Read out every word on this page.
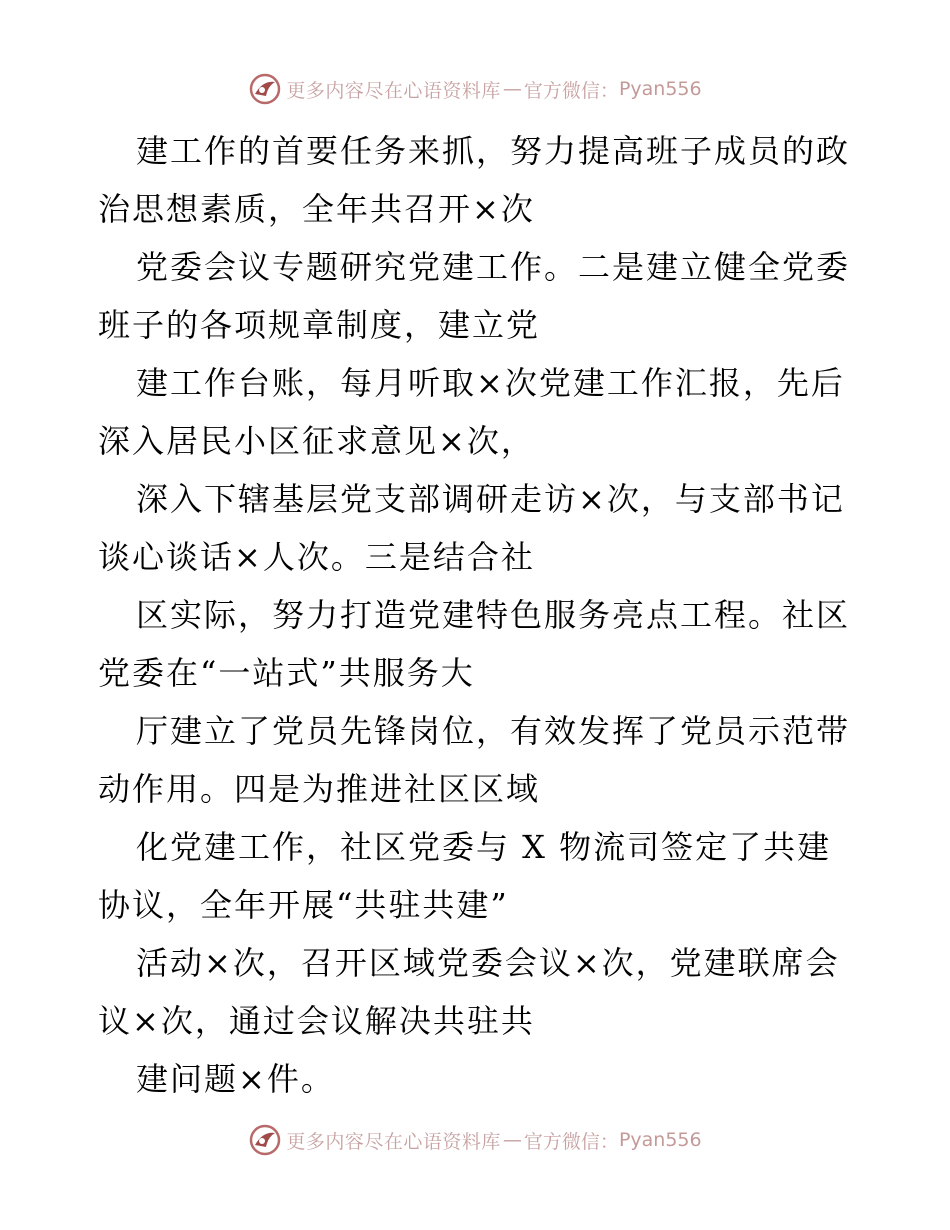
更多内容尽在心语资料库 — 官方微信： Pyan556
建工作的首要任务来抓，努力提高班子成员的政
治思想素质，全年共召开×次
党委会议专题研究党建工作。二是建立健全党委
班子的各项规章制度，建立党
建工作台账，每月听取×次党建工作汇报，先后
深入居民小区征求意见×次，
深入下辖基层党支部调研走访×次，与支部书记
谈心谈话×人次。三是结合社
区实际，努力打造党建特色服务亮点工程。社区
党委在“一站式”共服务大
厅建立了党员先锋岗位，有效发挥了党员示范带
动作用。四是为推进社区区域
化党建工作，社区党委与 X 物流司签定了共建
协议，全年开展“共驻共建”
活动×次，召开区域党委会议×次，党建联席会
议×次，通过会议解决共驻共
建问题×件。
更多内容尽在心语资料库 — 官方微信： Pyan556
